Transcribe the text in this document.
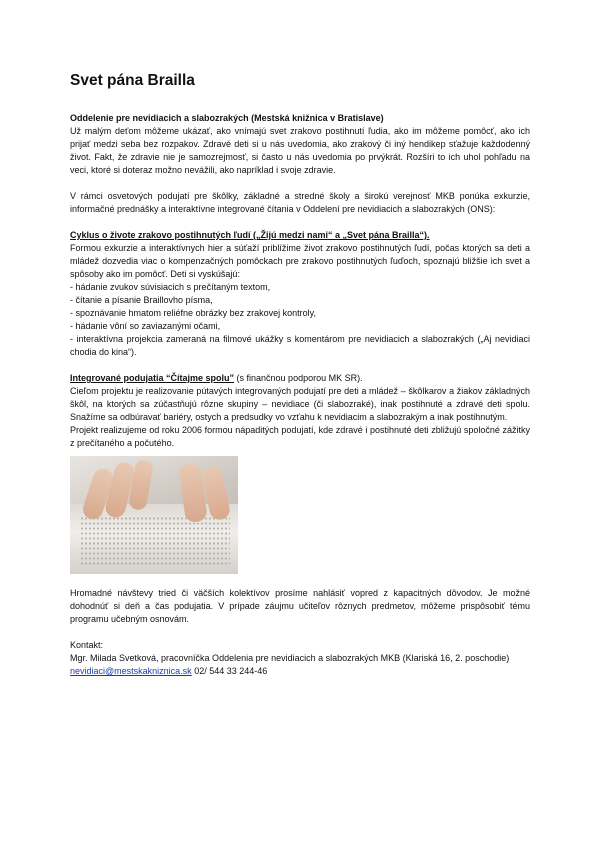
Svet pána Brailla

Oddelenie pre nevidiacich a slabozrakých (Mestská knižnica v Bratislave)

Už malým deťom môžeme ukázať, ako vnímajú svet zrakovo postihnutí ľudia, ako im môžeme pomôcť, ako ich prijať medzi seba bez rozpakov. Zdravé deti si u nás uvedomia, ako zrakový či iný hendikep sťažuje každodenný život. Fakt, že zdravie nie je samozrejmosť, si často u nás uvedomia po prvýkrát. Rozšíri to ich uhol pohľadu na veci, ktoré si doteraz možno nevážili, ako napríklad i svoje zdravie.

V rámci osvetových podujatí pre škôlky, základné a stredné školy a širokú verejnosť MKB ponúka exkurzie, informačné prednášky a interaktívne integrované čítania v Oddelení pre nevidiacich a slabozrakých (ONS):

Cyklus o živote zrakovo postihnutých ľudí („Žijú medzi nami“ a „Svet pána Brailla“).

Formou exkurzie a interaktívnych hier a súťaží priblížime život zrakovo postihnutých ľudí, počas ktorých sa deti a mládež dozvedia viac o kompenzačných pomôckach pre zrakovo postihnutých ľuďoch, spoznajú bližšie ich svet a spôsoby ako im pomôcť. Deti si vyskúšajú:

- hádanie zvukov súvisiacich s prečítaným textom,
- čítanie a písanie Braillovho písma,
- spoznávanie hmatom reliéfne obrázky bez zrakovej kontroly,
- hádanie vôní so zaviazanými očami,
- interaktívna projekcia zameraná na filmové ukážky s komentárom pre nevidiacich a slabozrakých („Aj nevidiaci chodia do kina“).

Integrované podujatia “Čítajme spolu” (s finančnou podporou MK SR).

Cieľom projektu je realizovanie pútavých integrovaných podujatí pre deti a mládež – škôlkarov a žiakov základných škôl, na ktorých sa zúčastňujú rôzne skupiny – nevidiace (či slabozraké), inak postihnuté a zdravé deti spolu. Snažíme sa odbúravať bariéry, ostych a predsudky vo vzťahu k nevidiacim a slabozrakým a inak postihnutým.

Projekt realizujeme od roku 2006 formou nápaditých podujatí, kde zdravé i postihnuté deti zbližujú spoločné zážitky z prečítaného a počutého.

Hromadné návštevy tried či väčších kolektívov prosíme nahlásiť vopred z kapacitných dôvodov. Je možné dohodnúť si deň a čas podujatia. V prípade záujmu učiteľov rôznych predmetov, môžeme prispôsobiť tému programu učebným osnovám.

Kontakt:

Mgr. Milada Svetková, pracovníčka Oddelenia pre nevidiacich a slabozrakých MKB (Klariská 16, 2. poschodie)

nevidiaci@mestskakniznica.sk 02/ 544 33 244-46
